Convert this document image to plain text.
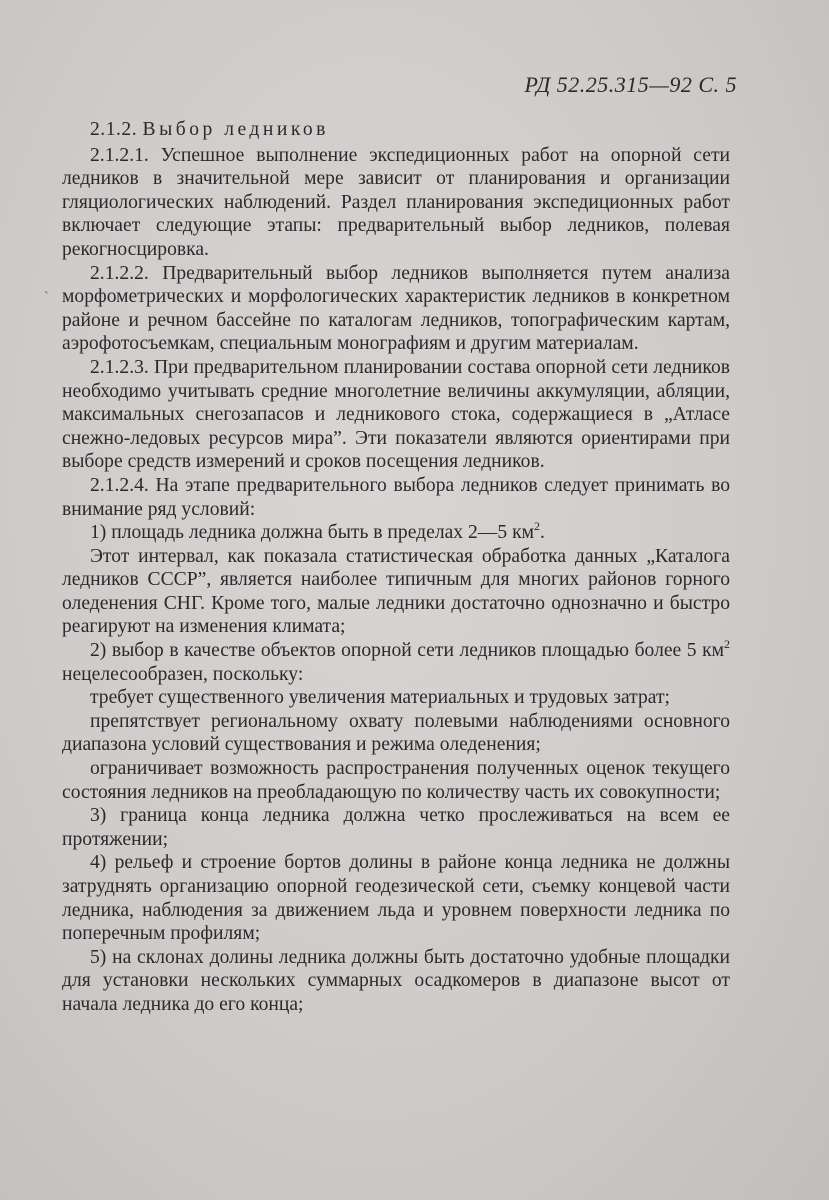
РД 52.25.315—92 С. 5
`

2.1.2. Выбор ледников

2.1.2.1. Успешное выполнение экспедиционных работ на опорной сети ледников в значительной мере зависит от планирования и организации гляциологических наблюдений. Раздел планирования экспедиционных работ включает следующие этапы: предварительный выбор ледников, полевая рекогносцировка.

2.1.2.2. Предварительный выбор ледников выполняется путем анализа морфометрических и морфологических характеристик ледников в конкретном районе и речном бассейне по каталогам ледников, топографическим картам, аэрофотосъемкам, специальным монографиям и другим материалам.

2.1.2.3. При предварительном планировании состава опорной сети ледников необходимо учитывать средние многолетние величины аккумуляции, абляции, максимальных снегозапасов и ледникового стока, содержащиеся в „Атласе снежно-ледовых ресурсов мира”. Эти показатели являются ориентирами при выборе средств измерений и сроков посещения ледников.

2.1.2.4. На этапе предварительного выбора ледников следует принимать во внимание ряд условий:

1) площадь ледника должна быть в пределах 2—5 $км^2$.

Этот интервал, как показала статистическая обработка данных „Каталога ледников СССР”, является наиболее типичным для многих районов горного оледенения СНГ. Кроме того, малые ледники достаточно однозначно и быстро реагируют на изменения климата;

2) выбор в качестве объектов опорной сети ледников площадью более 5 $км^2$ нецелесообразен, поскольку:

требует существенного увеличения материальных и трудовых затрат;

препятствует региональному охвату полевыми наблюдениями основного диапазона условий существования и режима оледенения;

ограничивает возможность распространения полученных оценок текущего состояния ледников на преобладающую по количеству часть их совокупности;

3) граница конца ледника должна четко прослеживаться на всем ее протяжении;

4) рельеф и строение бортов долины в районе конца ледника не должны затруднять организацию опорной геодезической сети, съемку концевой части ледника, наблюдения за движением льда и уровнем поверхности ледника по поперечным профилям;

5) на склонах долины ледника должны быть достаточно удобные площадки для установки нескольких суммарных осадкомеров в диапазоне высот от начала ледника до его конца;
